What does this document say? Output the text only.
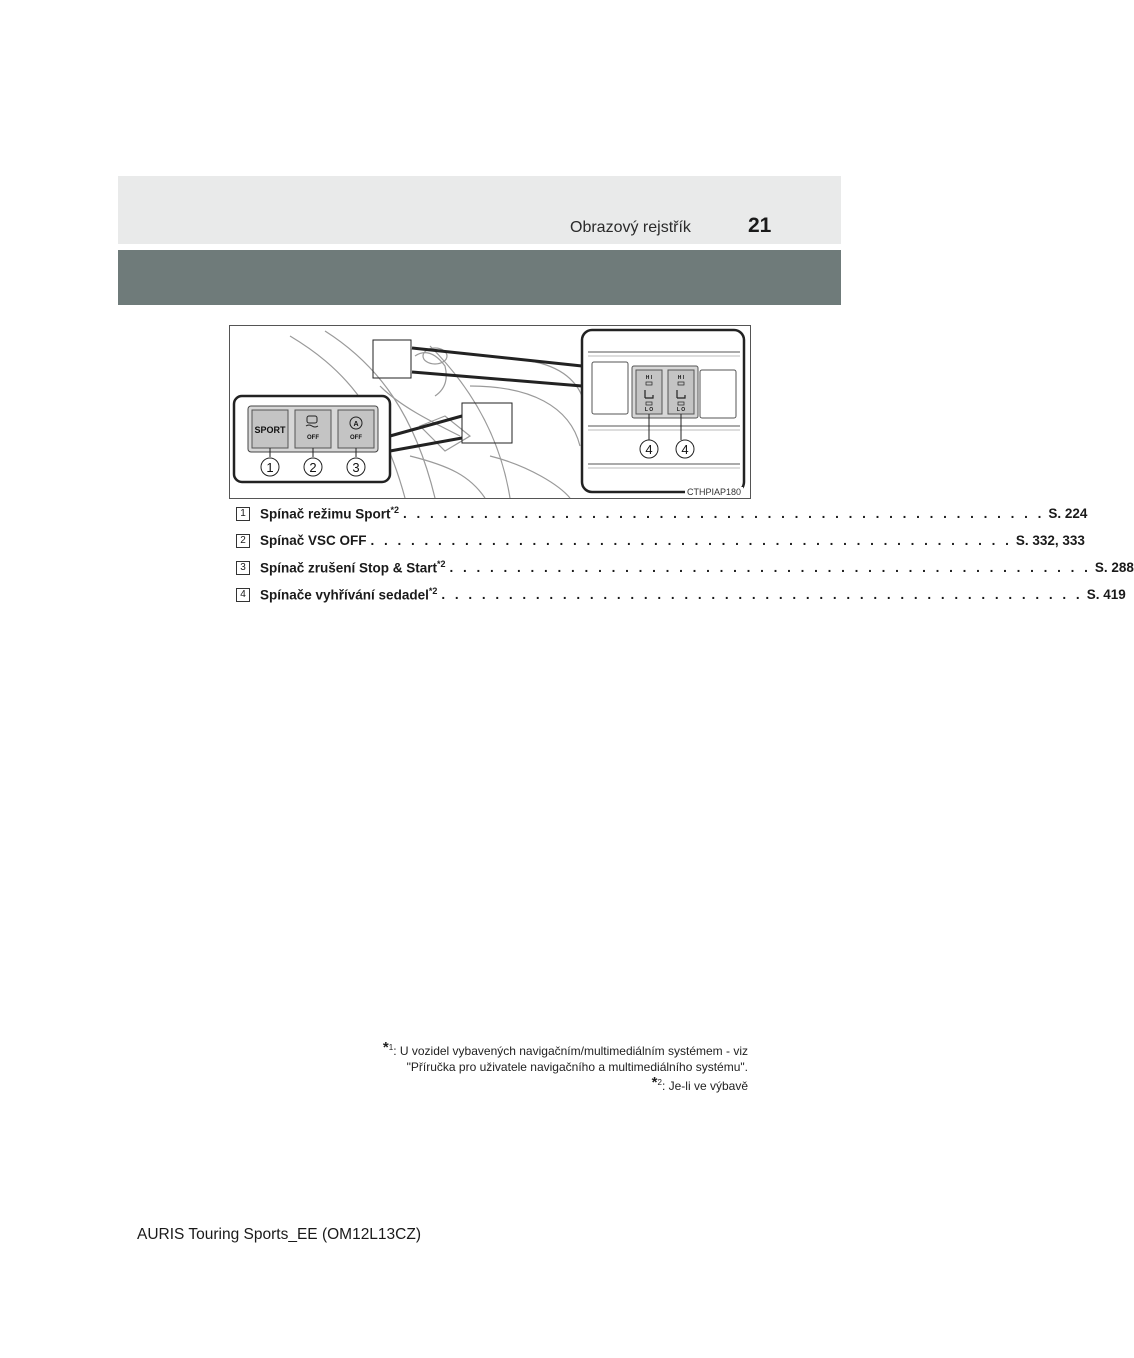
Obrazový rejstřík	21
SPORT
OFF
A
OFF
1	2	3
H I	H I
L O	L O
4 4
CTHPIAP180
1	Spínač režimu Sport$^{*2}$ . . . . . . . . . . . . . . . . . . . . . . . . . . . . . . . . . . . . . . . . . . . . . . . . S. 224
2	Spínač VSC OFF . . . . . . . . . . . . . . . . . . . . . . . . . . . . . . . . . . . . . . . . . . . . . . . . S. 332, 333
3	Spínač zrušení Stop & Start$^{*2}$ . . . . . . . . . . . . . . . . . . . . . . . . . . . . . . . . . . . . . . . . . . . . . . . . S. 288
4	Spínače vyhřívání sedadel$^{*2}$ . . . . . . . . . . . . . . . . . . . . . . . . . . . . . . . . . . . . . . . . . . . . . . . . S. 419
*$^1$: U vozidel vybavených navigačním/multimediálním systémem - viz
"Příručka pro uživatele navigačního a multimediálního systému".
*$^2$: Je-li ve výbavě
AURIS Touring Sports_EE (OM12L13CZ)
